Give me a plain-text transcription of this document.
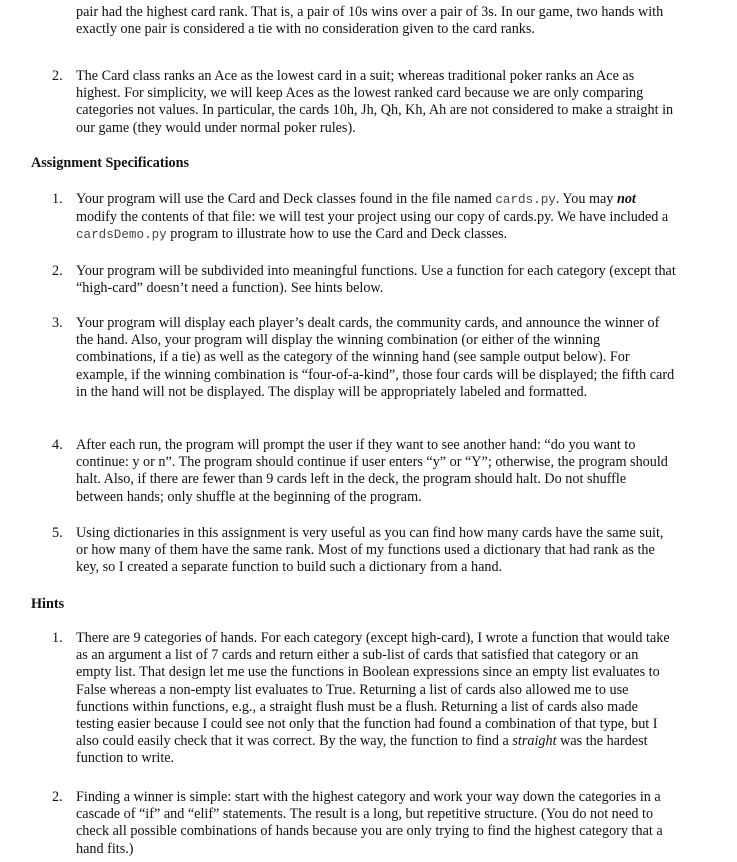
pair had the highest card rank. That is, a pair of 10s wins over a pair of 3s. In our game, two hands with exactly one pair is considered a tie with no consideration given to the card ranks.
2. The Card class ranks an Ace as the lowest card in a suit; whereas traditional poker ranks an Ace as highest. For simplicity, we will keep Aces as the lowest ranked card because we are only comparing categories not values. In particular, the cards 10h, Jh, Qh, Kh, Ah are not considered to make a straight in our game (they would under normal poker rules).
Assignment Specifications
1. Your program will use the Card and Deck classes found in the file named cards.py. You may not modify the contents of that file: we will test your project using our copy of cards.py. We have included a cardsDemo.py program to illustrate how to use the Card and Deck classes.
2. Your program will be subdivided into meaningful functions. Use a function for each category (except that “high-card” doesn’t need a function). See hints below.
3. Your program will display each player’s dealt cards, the community cards, and announce the winner of the hand. Also, your program will display the winning combination (or either of the winning combinations, if a tie) as well as the category of the winning hand (see sample output below). For example, if the winning combination is “four-of-a-kind”, those four cards will be displayed; the fifth card in the hand will not be displayed. The display will be appropriately labeled and formatted.
4. After each run, the program will prompt the user if they want to see another hand: “do you want to continue: y or n”. The program should continue if user enters “y” or “Y”; otherwise, the program should halt. Also, if there are fewer than 9 cards left in the deck, the program should halt. Do not shuffle between hands; only shuffle at the beginning of the program.
5. Using dictionaries in this assignment is very useful as you can find how many cards have the same suit, or how many of them have the same rank. Most of my functions used a dictionary that had rank as the key, so I created a separate function to build such a dictionary from a hand.
Hints
1. There are 9 categories of hands. For each category (except high-card), I wrote a function that would take as an argument a list of 7 cards and return either a sub-list of cards that satisfied that category or an empty list. That design let me use the functions in Boolean expressions since an empty list evaluates to False whereas a non-empty list evaluates to True. Returning a list of cards also allowed me to use functions within functions, e.g., a straight flush must be a flush. Returning a list of cards also made testing easier because I could see not only that the function had found a combination of that type, but I also could easily check that it was correct. By the way, the function to find a straight was the hardest function to write.
2. Finding a winner is simple: start with the highest category and work your way down the categories in a cascade of “if” and “elif” statements. The result is a long, but repetitive structure. (You do not need to check all possible combinations of hands because you are only trying to find the highest category that a hand fits.)
